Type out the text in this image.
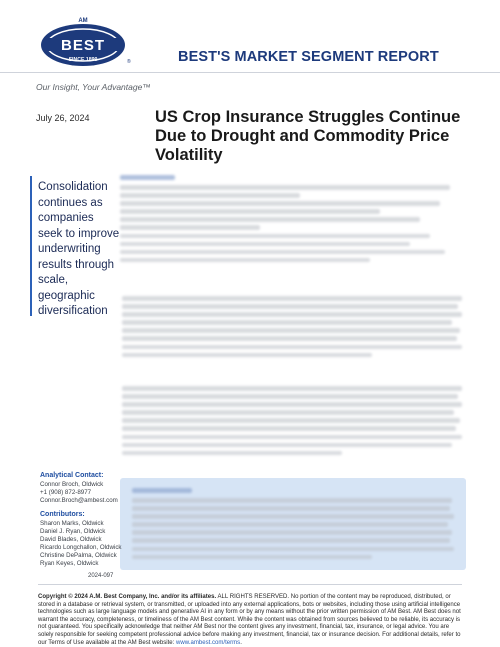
AM
BEST
SINCE 1899	®	BEST'S MARKET SEGMENT REPORT
Our Insight, Your Advantage™
July 26, 2024	US Crop Insurance Struggles Continue Due to Drought and Commodity Price Volatility
Consolidation continues as companies seek to improve underwriting results through scale, geographic diversification
Analytical Contact:
Connor Broch, Oldwick
+1 (908) 872-8977
Connor.Broch@ambest.com
Contributors:
Sharon Marks, Oldwick
Daniel J. Ryan, Oldwick
David Blades, Oldwick
Ricardo Longchallon, Oldwick
Christine DePalma, Oldwick
Ryan Keyes, Oldwick
2024-097
Copyright © 2024 A.M. Best Company, Inc. and/or its affiliates. ALL RIGHTS RESERVED. No portion of the content may be reproduced, distributed, or stored in a database or retrieval system, or transmitted, or uploaded into any external applications, bots or websites, including those using artificial intelligence technologies such as large language models and generative AI in any form or by any means without the prior written permission of AM Best. AM Best does not warrant the accuracy, completeness, or timeliness of the AM Best content. While the content was obtained from sources believed to be reliable, its accuracy is not guaranteed. You specifically acknowledge that neither AM Best nor the content gives any investment, financial, tax, insurance, or legal advice. You are solely responsible for seeking competent professional advice before making any investment, financial, tax or insurance decision. For additional details, refer to our Terms of Use available at the AM Best website: www.ambest.com/terms.
